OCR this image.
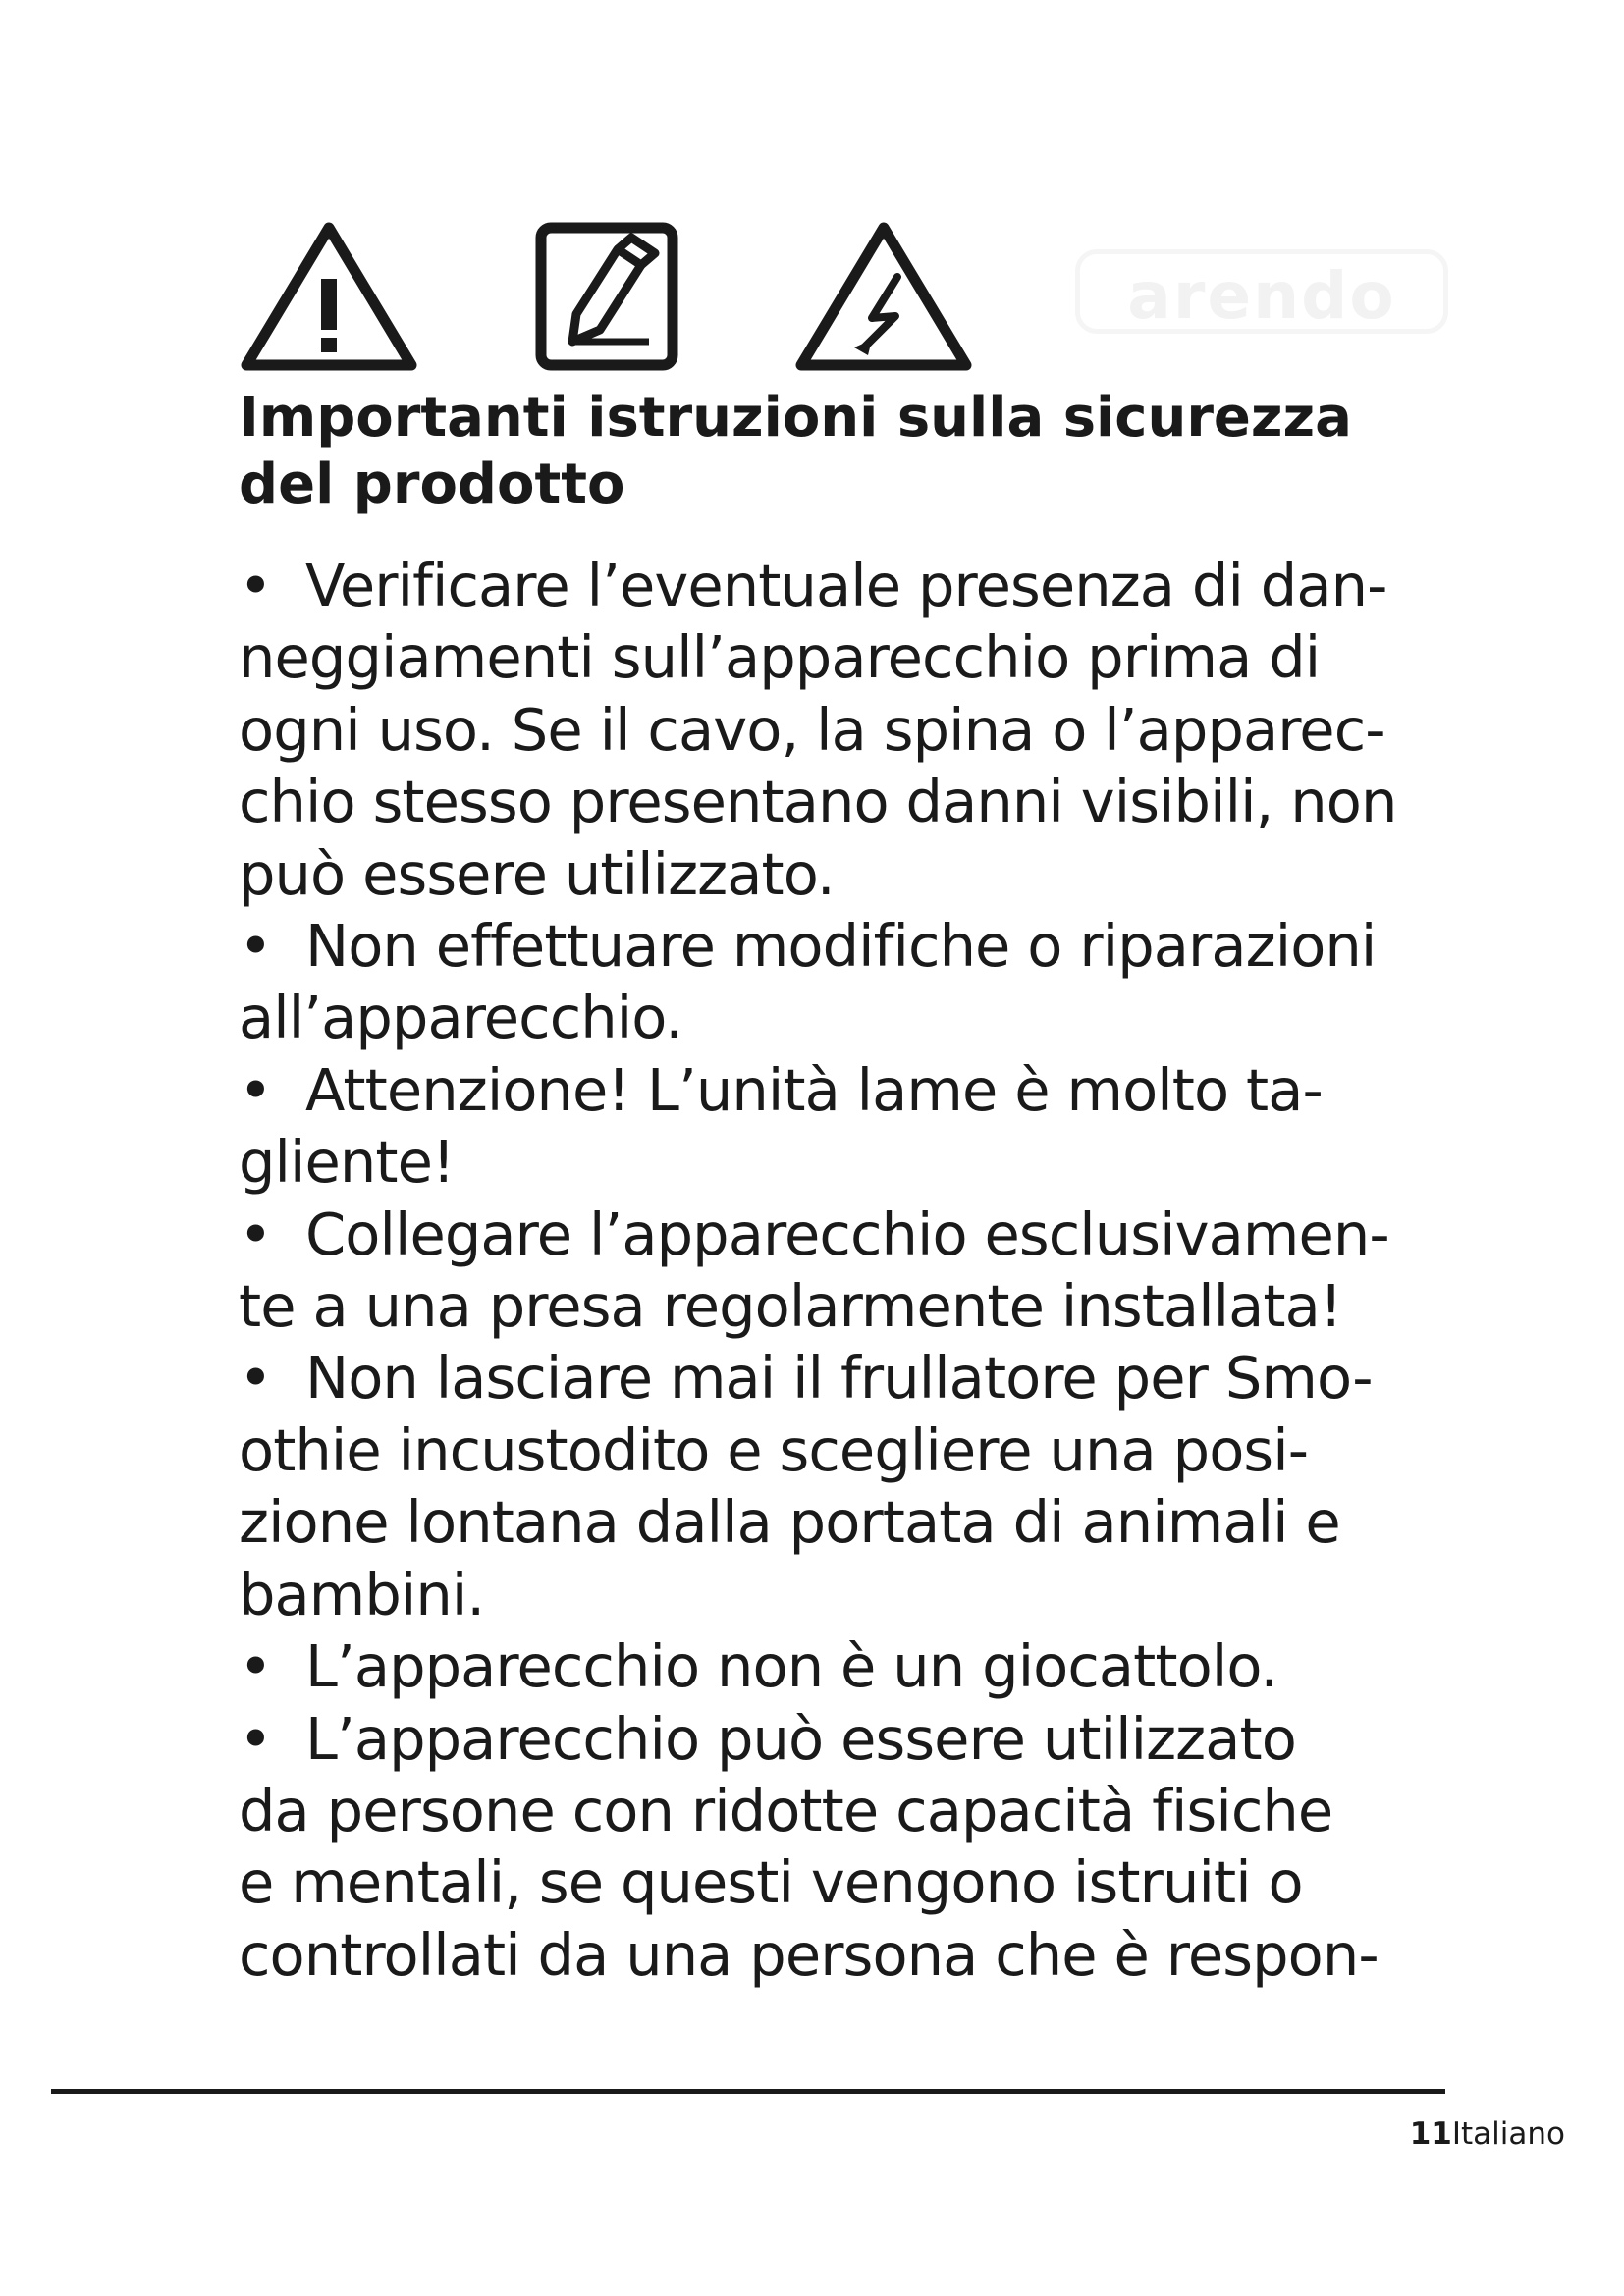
arendo
Importanti istruzioni sulla sicurezza del prodotto
• Verificare l’eventuale presenza di dan-
neggiamenti sull’apparecchio prima di
ogni uso. Se il cavo, la spina o l’apparec-
chio stesso presentano danni visibili, non
può essere utilizzato.
• Non effettuare modifiche o riparazioni
all’apparecchio.
• Attenzione! L’unità lame è molto ta-
gliente!
• Collegare l’apparecchio esclusivamen-
te a una presa regolarmente installata!
• Non lasciare mai il frullatore per Smo-
othie incustodito e scegliere una posi-
zione lontana dalla portata di animali e
bambini.
• L’apparecchio non è un giocattolo.
• L’apparecchio può essere utilizzato
da persone con ridotte capacità fisiche
e mentali, se questi vengono istruiti o
controllati da una persona che è respon-
11Italiano
